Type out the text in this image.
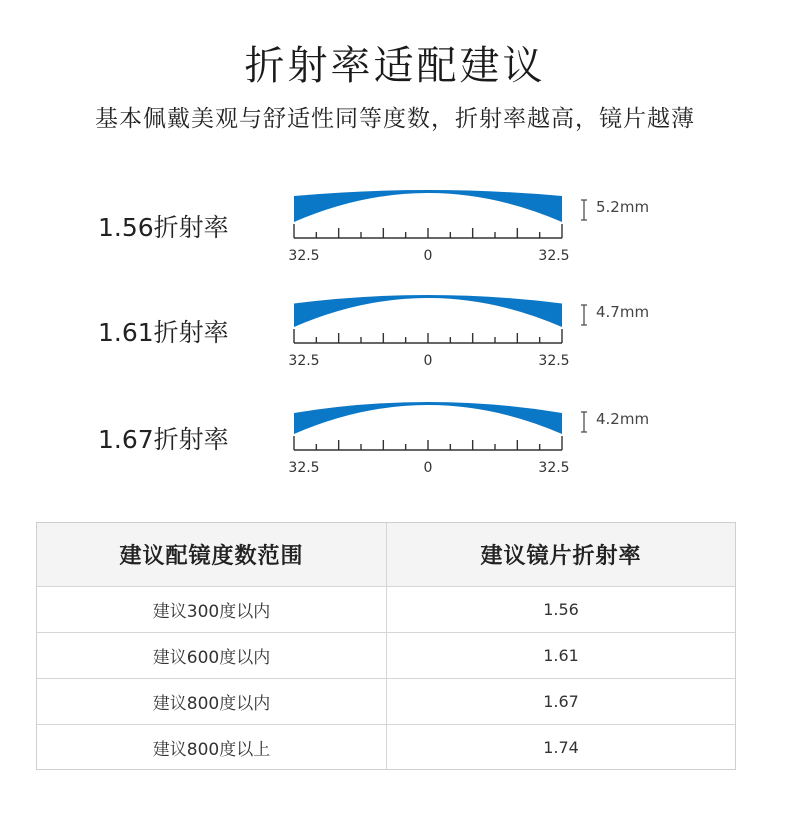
折射率适配建议
基本佩戴美观与舒适性同等度数，折射率越高，镜片越薄
1.56折射率
32.5	0	32.5
5.2mm
1.61折射率
32.5	0	32.5
4.7mm
1.67折射率
32.5	0	32.5
4.2mm
建议配镜度数范围	建议镜片折射率
建议300度以内	1.56
建议600度以内	1.61
建议800度以内	1.67
建议800度以上	1.74
